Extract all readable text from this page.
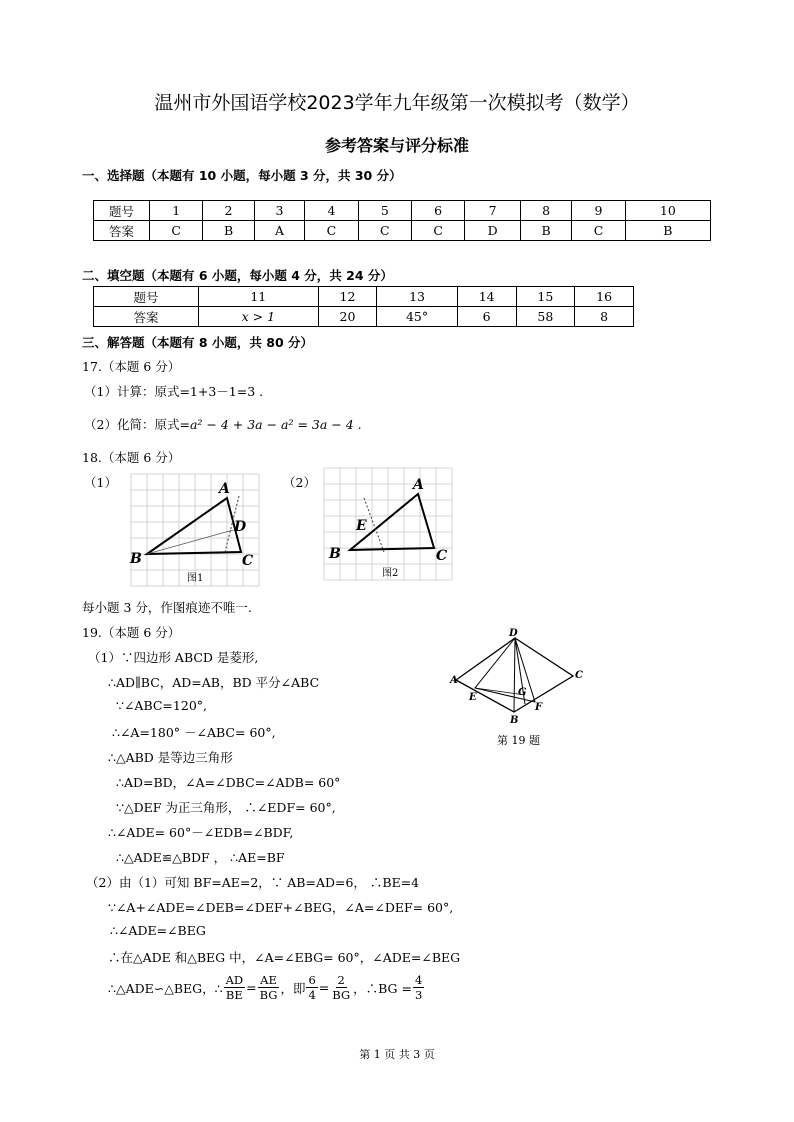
温州市外国语学校2023学年九年级第一次模拟考（数学）
参考答案与评分标准
一、选择题（本题有 10 小题，每小题 3 分，共 30 分）
题号	1	2	3	4	5	6	7	8	9	10
答案	C	B	A	C	C	C	D	B	C	B
二、填空题（本题有 6 小题，每小题 4 分，共 24 分）
题号	11	12	13	14	15	16
答案	x > 1	20	45°	6	58	8
三、解答题（本题有 8 小题，共 80 分）
17.（本题 6 分）
（1）计算：原式=1+3－1=3 .
（2）化简：原式=a² − 4 + 3a − a² = 3a − 4 .
18.（本题 6 分）
（1）	（2）
A
B	C
D
图1
A
B	C
E
图2
每小题 3 分，作图痕迹不唯一.
19.（本题 6 分）
（1）∵四边形 ABCD 是菱形,
∴AD∥BC，AD=AB，BD 平分∠ABC
∵∠ABC=120°,
∴∠A=180° －∠ABC= 60°,
∴△ABD 是等边三角形
∴AD=BD，∠A=∠DBC=∠ADB= 60°
∵△DEF 为正三角形， ∴∠EDF= 60°,
∴∠ADE= 60°－∠EDB=∠BDF,
∴△ADE≌△BDF ， ∴AE=BF
（2）由（1）可知 BF=AE=2，∵ AB=AD=6， ∴BE=4
∵∠A+∠ADE=∠DEB=∠DEF+∠BEG，∠A=∠DEF= 60°,
∴∠ADE=∠BEG
∴在△ADE 和△BEG 中，∠A=∠EBG= 60°，∠ADE=∠BEG
∴△ADE∽△BEG，∴ $\frac{AD}{BE} = \frac{AE}{BG}$ ，即 $\frac{6}{4} = \frac{2}{BG}$ ，∴BG = $\frac{4}{3}$
D
A	C
B
E
F
G
第 19 题
第 1 页 共 3 页
